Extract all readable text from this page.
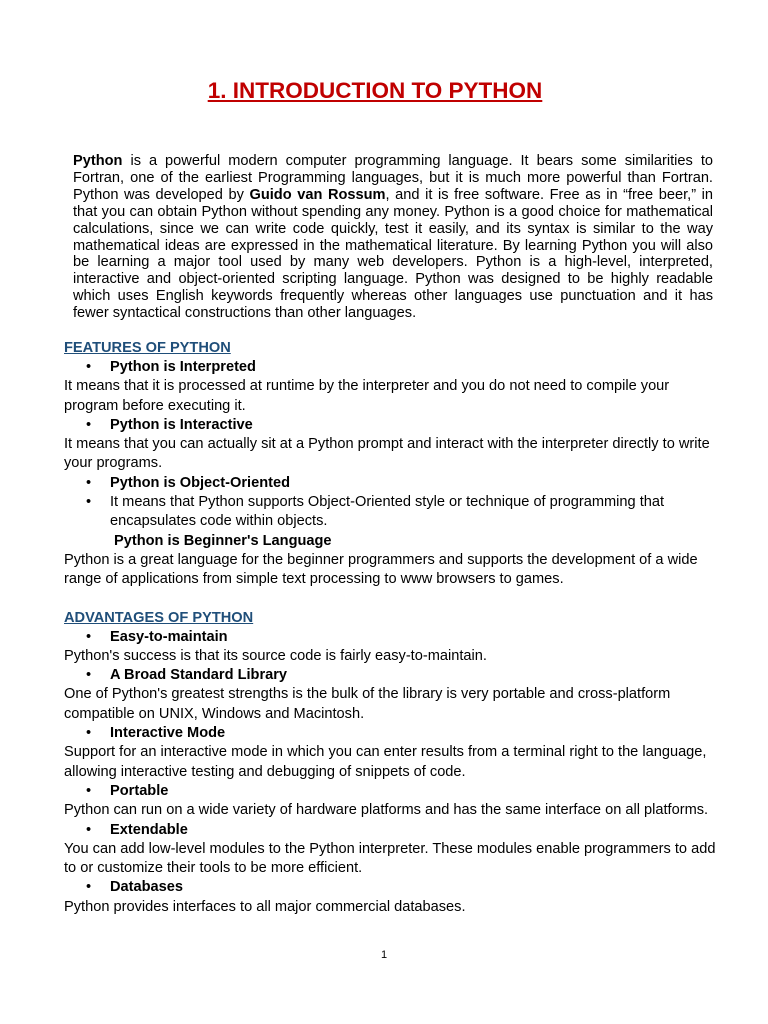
1. INTRODUCTION TO PYTHON
Python is a powerful modern computer programming language. It bears some similarities to Fortran, one of the earliest Programming languages, but it is much more powerful than Fortran. Python was developed by Guido van Rossum, and it is free software. Free as in “free beer,” in that you can obtain Python without spending any money. Python is a good choice for mathematical calculations, since we can write code quickly, test it easily, and its syntax is similar to the way mathematical ideas are expressed in the mathematical literature. By learning Python you will also be learning a major tool used by many web developers. Python is a high-level, interpreted, interactive and object-oriented scripting language. Python was designed to be highly readable which uses English keywords frequently whereas other languages use punctuation and it has fewer syntactical constructions than other languages.

FEATURES OF PYTHON

• Python is Interpreted

It means that it is processed at runtime by the interpreter and you do not need to compile your program before executing it.

• Python is Interactive

It means that you can actually sit at a Python prompt and interact with the interpreter directly to write your programs.

• Python is Object-Oriented

• It means that Python supports Object-Oriented style or technique of programming that encapsulates code within objects.

Python is Beginner's Language

Python is a great language for the beginner programmers and supports the development of a wide range of applications from simple text processing to www browsers to games.

ADVANTAGES OF PYTHON

• Easy-to-maintain

Python's success is that its source code is fairly easy-to-maintain.

• A Broad Standard Library

One of Python's greatest strengths is the bulk of the library is very portable and cross-platform compatible on UNIX, Windows and Macintosh.

• Interactive Mode

Support for an interactive mode in which you can enter results from a terminal right to the language, allowing interactive testing and debugging of snippets of code.

• Portable

Python can run on a wide variety of hardware platforms and has the same interface on all platforms.

• Extendable

You can add low-level modules to the Python interpreter. These modules enable programmers to add to or customize their tools to be more efficient.

• Databases

Python provides interfaces to all major commercial databases.

1
